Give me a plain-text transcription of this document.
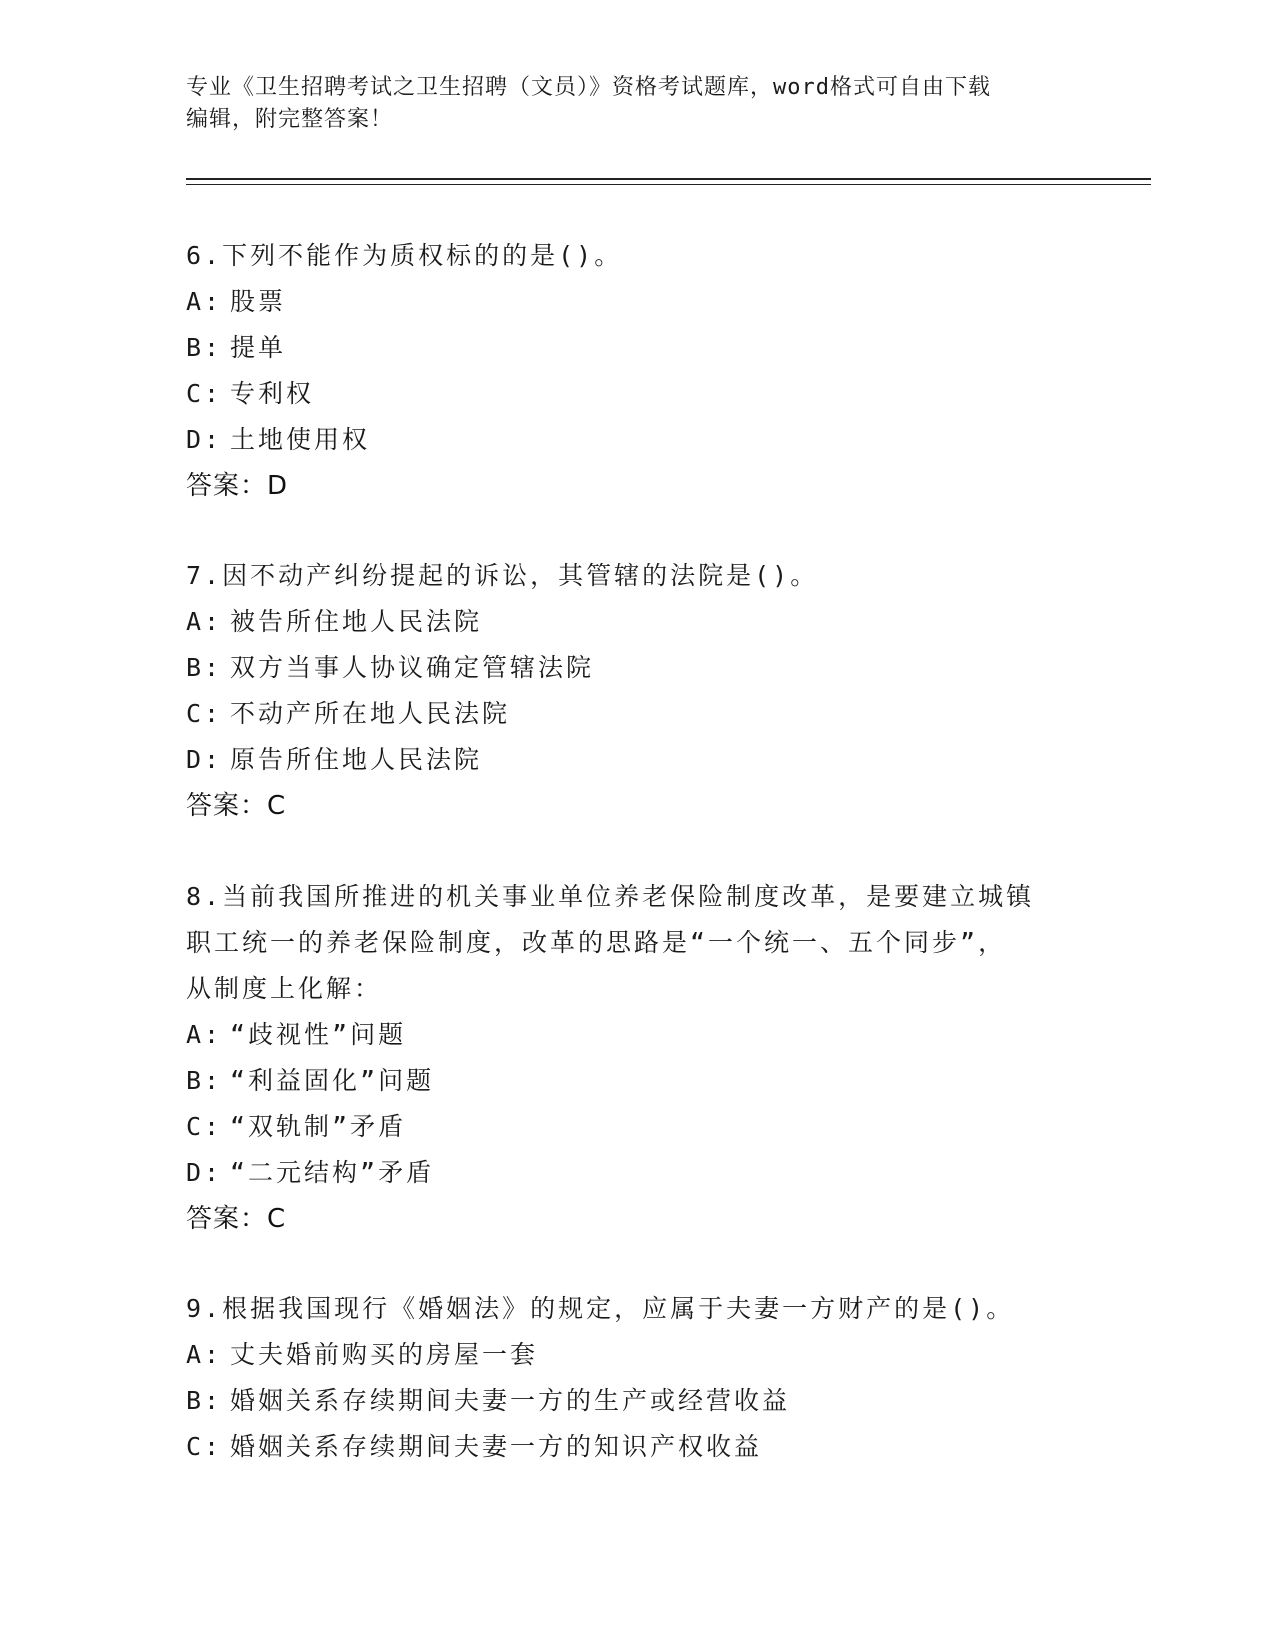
专业《卫生招聘考试之卫生招聘（文员）》资格考试题库，word格式可自由下载
编辑，附完整答案！
6.下列不能作为质权标的的是()。
A: 股票
B: 提单
C: 专利权
D: 土地使用权
答案：D
7.因不动产纠纷提起的诉讼，其管辖的法院是()。
A: 被告所住地人民法院
B: 双方当事人协议确定管辖法院
C: 不动产所在地人民法院
D: 原告所住地人民法院
答案：C
8.当前我国所推进的机关事业单位养老保险制度改革，是要建立城镇
职工统一的养老保险制度，改革的思路是“一个统一、五个同步”，
从制度上化解：
A: “歧视性”问题
B: “利益固化”问题
C: “双轨制”矛盾
D: “二元结构”矛盾
答案：C
9.根据我国现行《婚姻法》的规定，应属于夫妻一方财产的是()。
A: 丈夫婚前购买的房屋一套
B: 婚姻关系存续期间夫妻一方的生产或经营收益
C: 婚姻关系存续期间夫妻一方的知识产权收益
